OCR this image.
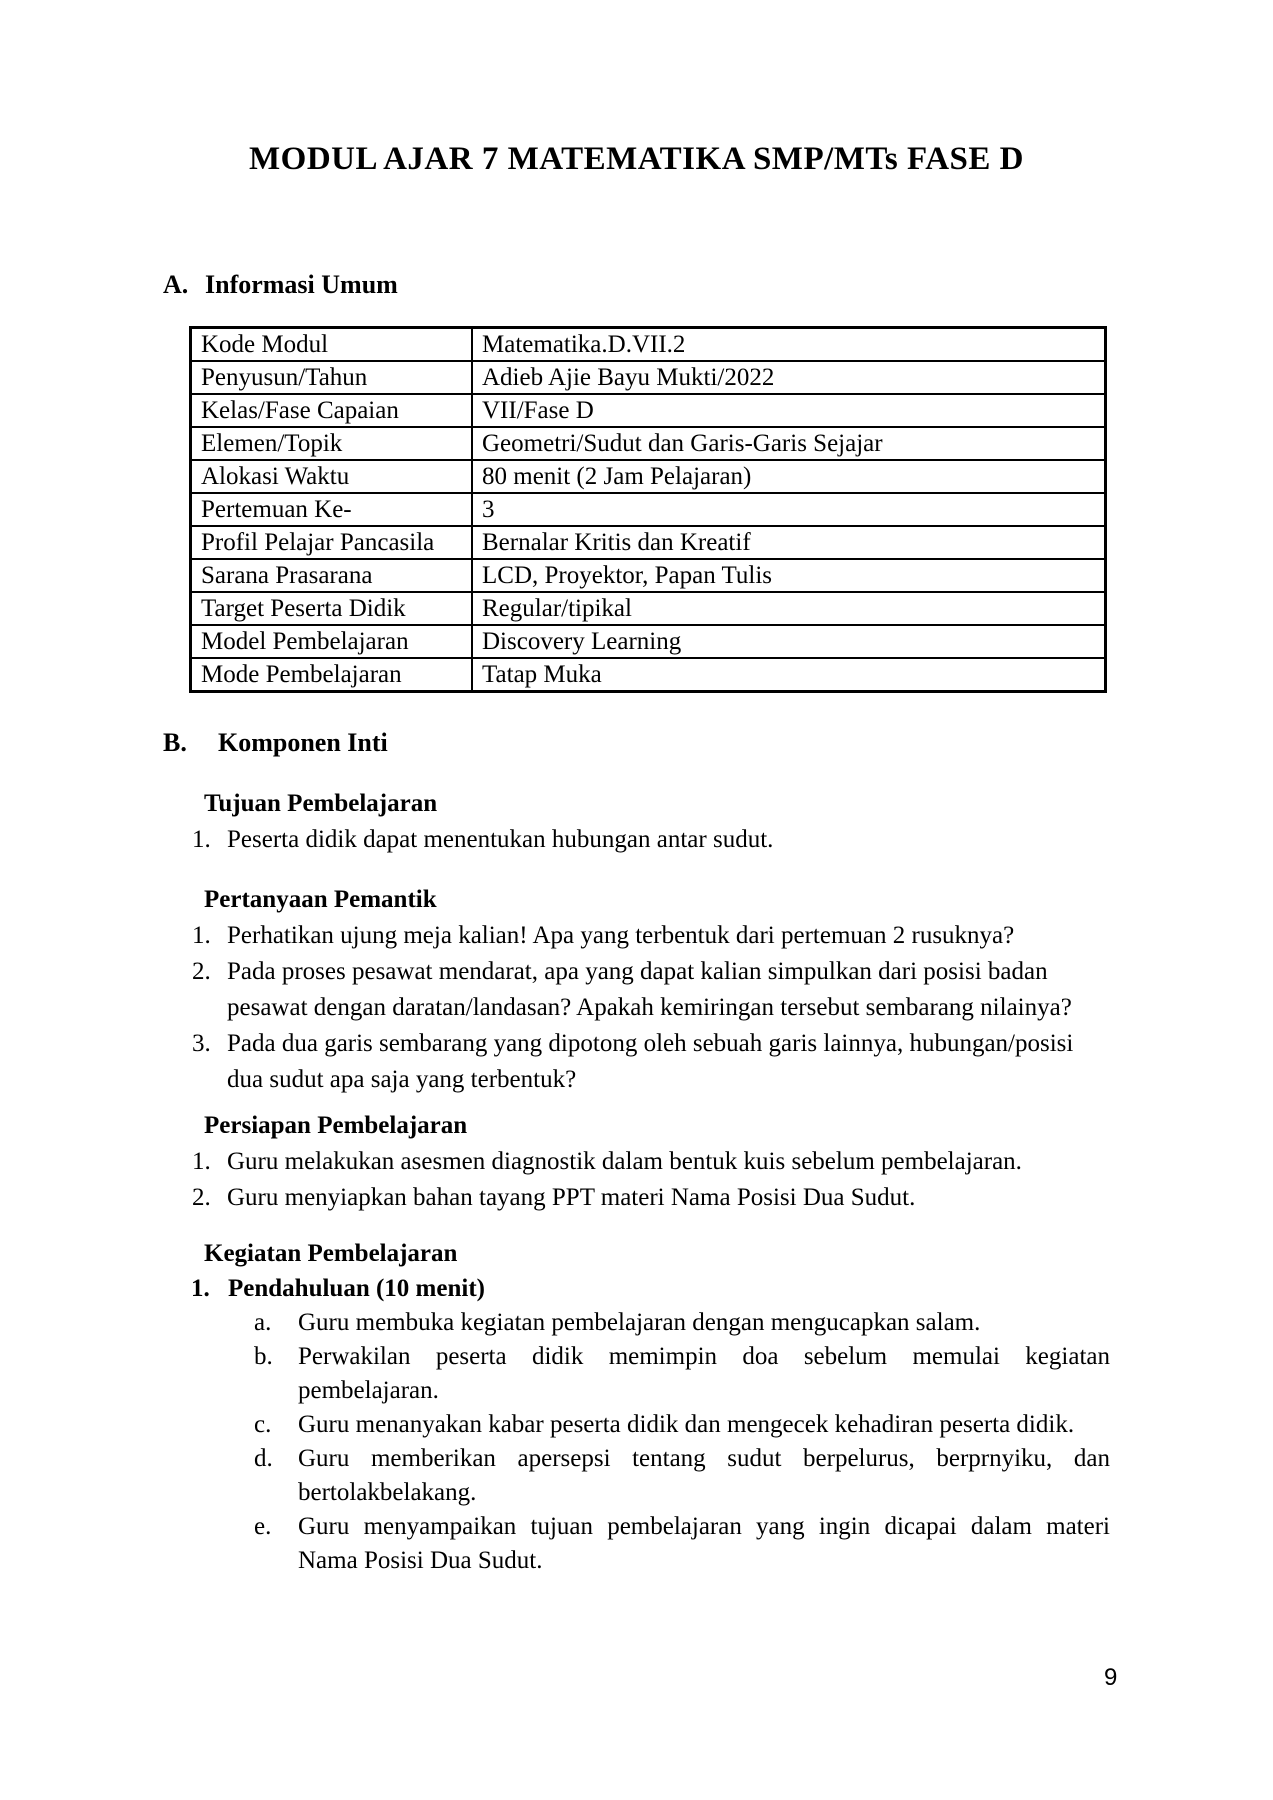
MODUL AJAR 7 MATEMATIKA SMP/MTs FASE D
A. Informasi Umum
Kode Modul	Matematika.D.VII.2
Penyusun/Tahun	Adieb Ajie Bayu Mukti/2022
Kelas/Fase Capaian	VII/Fase D
Elemen/Topik	Geometri/Sudut dan Garis-Garis Sejajar
Alokasi Waktu	80 menit (2 Jam Pelajaran)
Pertemuan Ke-	3
Profil Pelajar Pancasila	Bernalar Kritis dan Kreatif
Sarana Prasarana	LCD, Proyektor, Papan Tulis
Target Peserta Didik	Regular/tipikal
Model Pembelajaran	Discovery Learning
Mode Pembelajaran	Tatap Muka
B.	Komponen Inti
Tujuan Pembelajaran
1. Peserta didik dapat menentukan hubungan antar sudut.
Pertanyaan Pemantik
1. Perhatikan ujung meja kalian! Apa yang terbentuk dari pertemuan 2 rusuknya?
2. Pada proses pesawat mendarat, apa yang dapat kalian simpulkan dari posisi badan pesawat dengan daratan/landasan? Apakah kemiringan tersebut sembarang nilainya?
3. Pada dua garis sembarang yang dipotong oleh sebuah garis lainnya, hubungan/posisi dua sudut apa saja yang terbentuk?
Persiapan Pembelajaran
1. Guru melakukan asesmen diagnostik dalam bentuk kuis sebelum pembelajaran.
2. Guru menyiapkan bahan tayang PPT materi Nama Posisi Dua Sudut.
Kegiatan Pembelajaran
1. Pendahuluan (10 menit)
a.	Guru membuka kegiatan pembelajaran dengan mengucapkan salam.
b.	Perwakilan peserta didik memimpin doa sebelum memulai kegiatan pembelajaran.
c.	Guru menanyakan kabar peserta didik dan mengecek kehadiran peserta didik.
d.	Guru memberikan apersepsi tentang sudut berpelurus, berprnyiku, dan bertolakbelakang.
e.	Guru menyampaikan tujuan pembelajaran yang ingin dicapai dalam materi Nama Posisi Dua Sudut.
9
